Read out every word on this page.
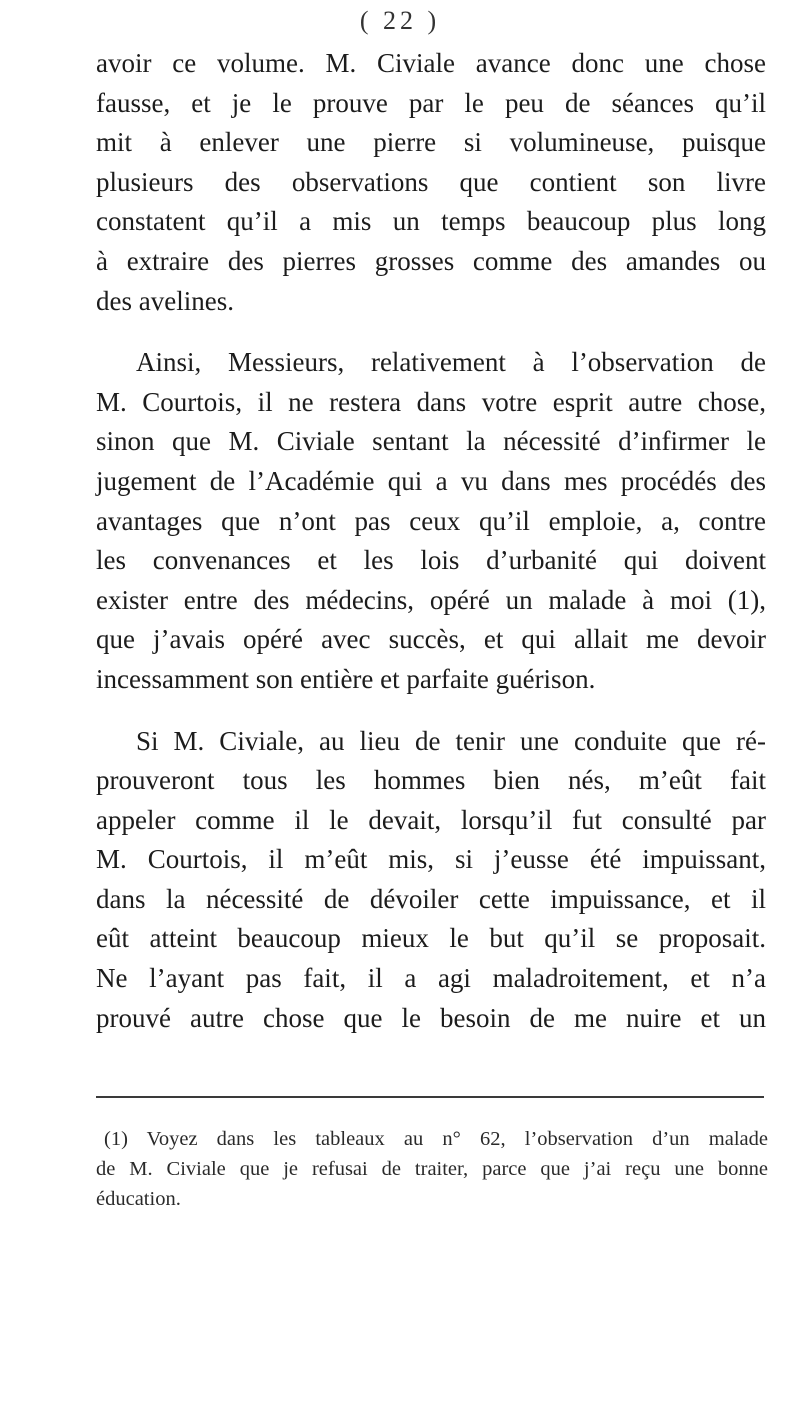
( 22 )

avoir ce volume. M. Civiale avance donc une chose
fausse, et je le prouve par le peu de séances qu’il
mit à enlever une pierre si volumineuse, puisque
plusieurs des observations que contient son livre
constatent qu’il a mis un temps beaucoup plus long
à extraire des pierres grosses comme des amandes ou
des avelines.

Ainsi, Messieurs, relativement à l’observation de
M. Courtois, il ne restera dans votre esprit autre chose,
sinon que M. Civiale sentant la nécessité d’infirmer le
jugement de l’Académie qui a vu dans mes procédés des
avantages que n’ont pas ceux qu’il emploie, a, contre
les convenances et les lois d’urbanité qui doivent
exister entre des médecins, opéré un malade à moi (1),
que j’avais opéré avec succès, et qui allait me devoir
incessamment son entière et parfaite guérison.

Si M. Civiale, au lieu de tenir une conduite que ré-
prouveront tous les hommes bien nés, m’eût fait
appeler comme il le devait, lorsqu’il fut consulté par
M. Courtois, il m’eût mis, si j’eusse été impuissant,
dans la nécessité de dévoiler cette impuissance, et il
eût atteint beaucoup mieux le but qu’il se proposait.
Ne l’ayant pas fait, il a agi maladroitement, et n’a
prouvé autre chose que le besoin de me nuire et un

(1) Voyez dans les tableaux au n° 62, l’observation d’un malade
de M. Civiale que je refusai de traiter, parce que j’ai reçu une bonne
éducation.
